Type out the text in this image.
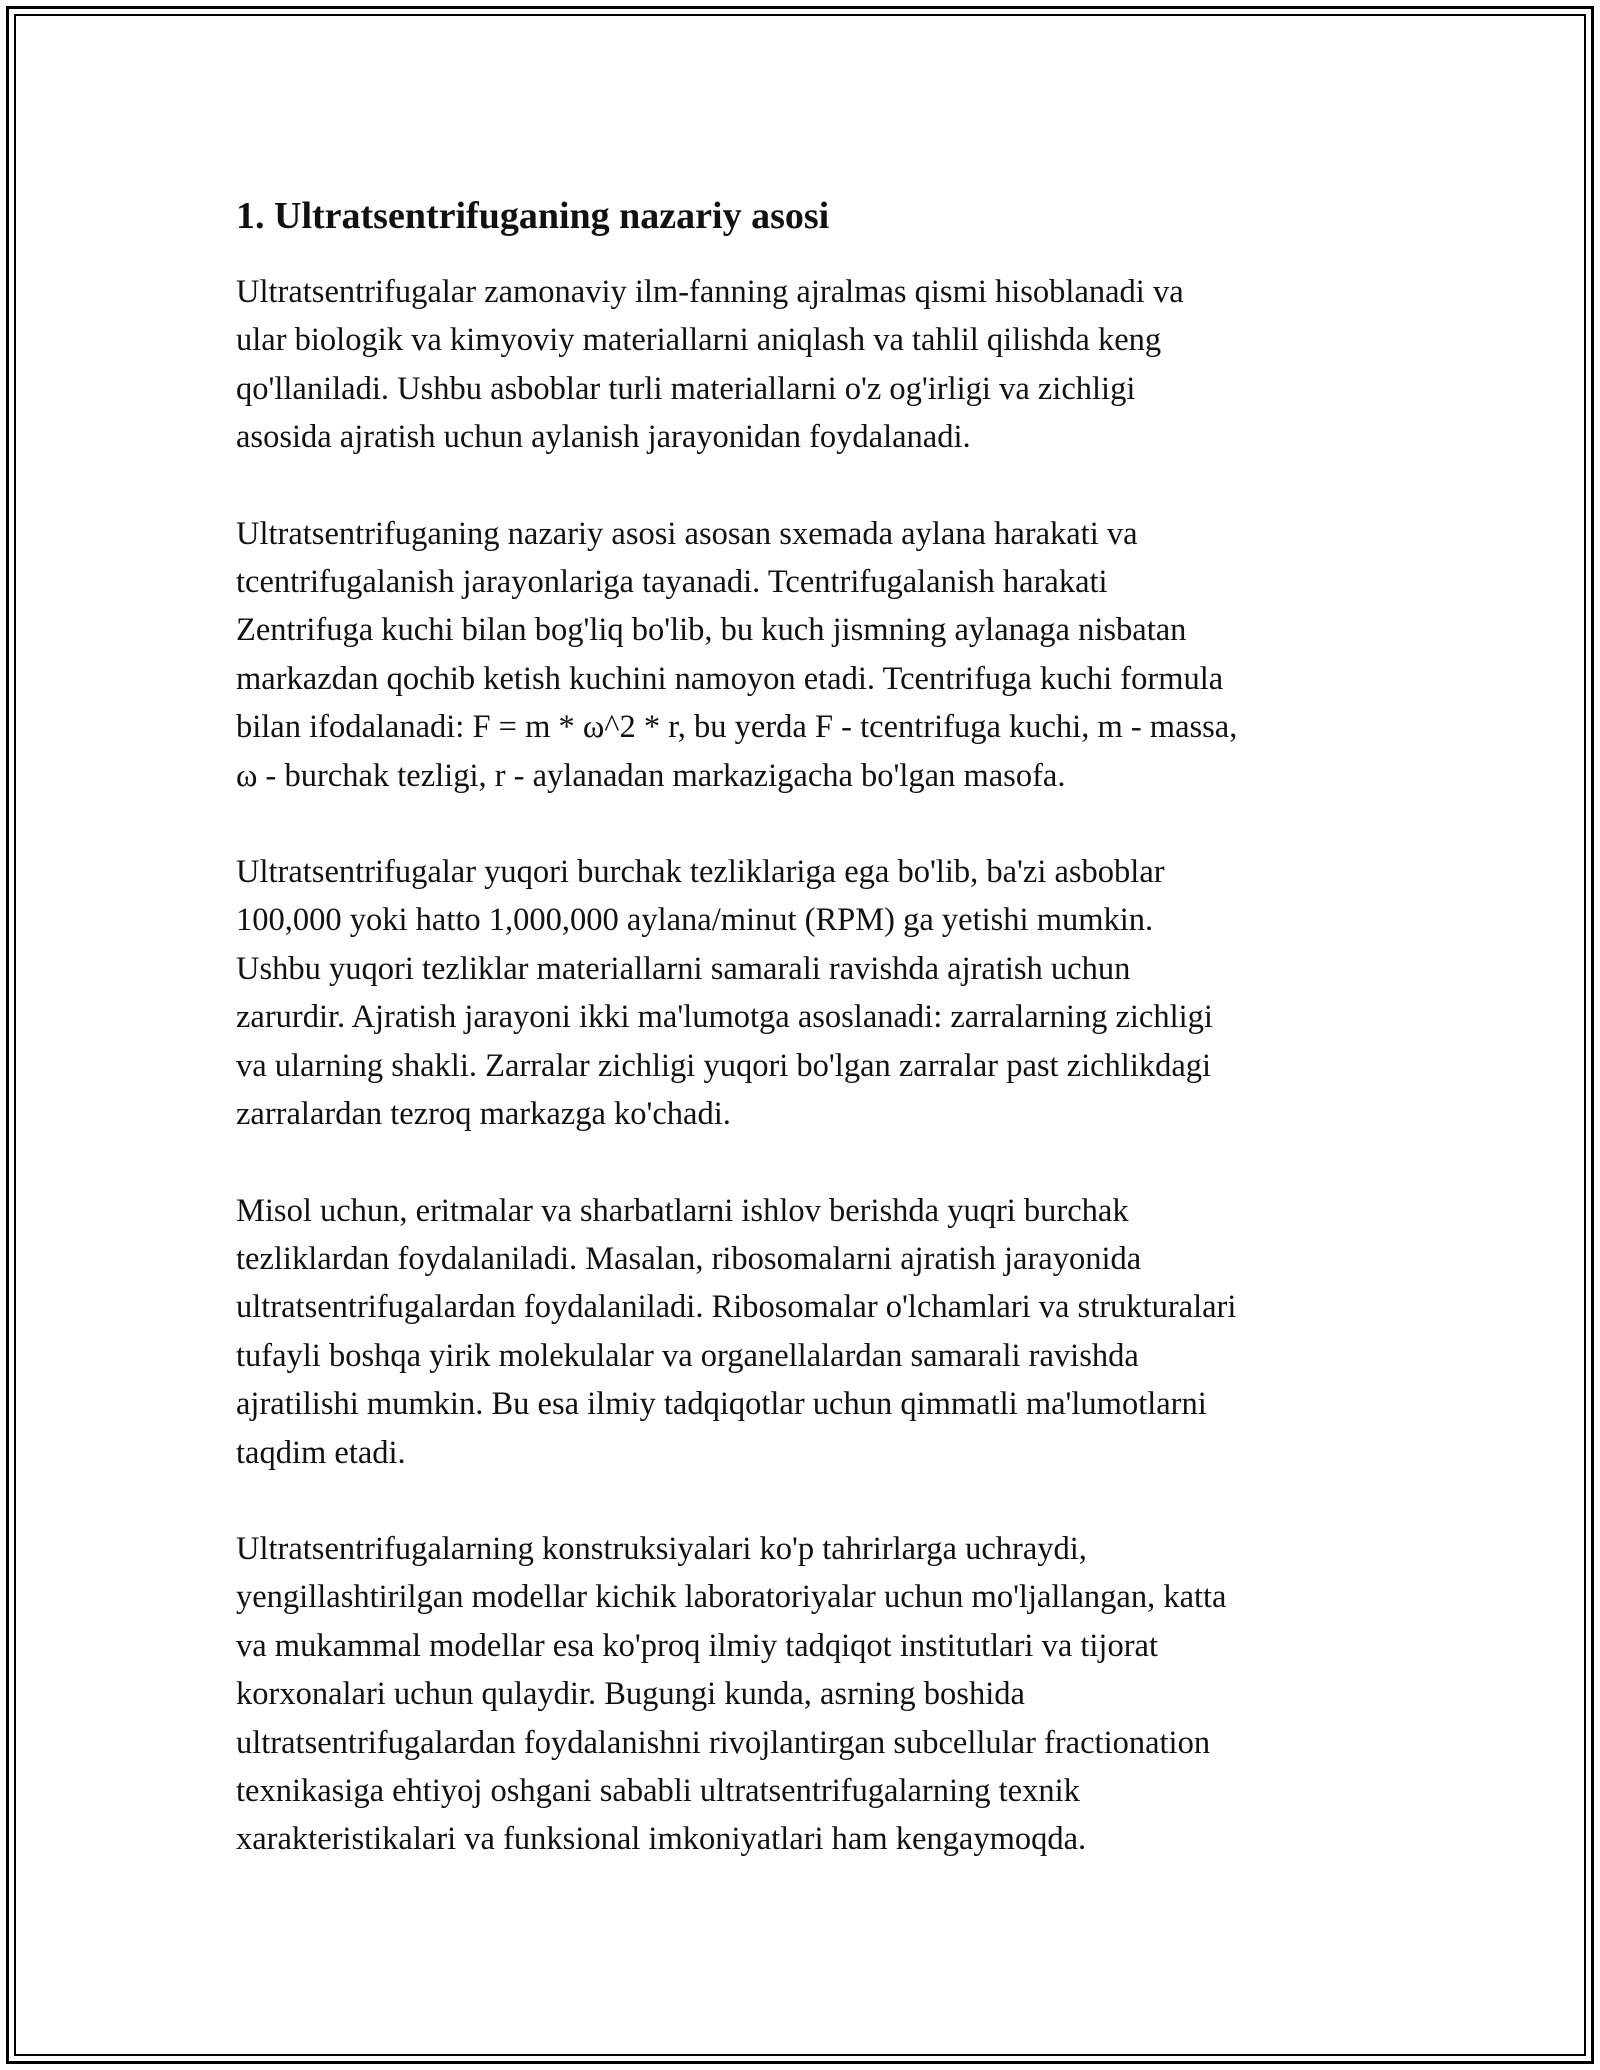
1. Ultratsentrifuganing nazariy asosi

Ultratsentrifugalar zamonaviy ilm-fanning ajralmas qismi hisoblanadi va
ular biologik va kimyoviy materiallarni aniqlash va tahlil qilishda keng
qo'llaniladi. Ushbu asboblar turli materiallarni o'z og'irligi va zichligi
asosida ajratish uchun aylanish jarayonidan foydalanadi.

Ultratsentrifuganing nazariy asosi asosan sxemada aylana harakati va
tcentrifugalanish jarayonlariga tayanadi. Tcentrifugalanish harakati
Zentrifuga kuchi bilan bog'liq bo'lib, bu kuch jismning aylanaga nisbatan
markazdan qochib ketish kuchini namoyon etadi. Tcentrifuga kuchi formula
bilan ifodalanadi: F = m * ω^2 * r, bu yerda F - tcentrifuga kuchi, m - massa,
ω - burchak tezligi, r - aylanadan markazigacha bo'lgan masofa.

Ultratsentrifugalar yuqori burchak tezliklariga ega bo'lib, ba'zi asboblar
100,000 yoki hatto 1,000,000 aylana/minut (RPM) ga yetishi mumkin.
Ushbu yuqori tezliklar materiallarni samarali ravishda ajratish uchun
zarurdir. Ajratish jarayoni ikki ma'lumotga asoslanadi: zarralarning zichligi
va ularning shakli. Zarralar zichligi yuqori bo'lgan zarralar past zichlikdagi
zarralardan tezroq markazga ko'chadi.

Misol uchun, eritmalar va sharbatlarni ishlov berishda yuqri burchak
tezliklardan foydalaniladi. Masalan, ribosomalarni ajratish jarayonida
ultratsentrifugalardan foydalaniladi. Ribosomalar o'lchamlari va strukturalari
tufayli boshqa yirik molekulalar va organellalardan samarali ravishda
ajratilishi mumkin. Bu esa ilmiy tadqiqotlar uchun qimmatli ma'lumotlarni
taqdim etadi.

Ultratsentrifugalarning konstruksiyalari ko'p tahrirlarga uchraydi,
yengillashtirilgan modellar kichik laboratoriyalar uchun mo'ljallangan, katta
va mukammal modellar esa ko'proq ilmiy tadqiqot institutlari va tijorat
korxonalari uchun qulaydir. Bugungi kunda, asrning boshida
ultratsentrifugalardan foydalanishni rivojlantirgan subcellular fractionation
texnikasiga ehtiyoj oshgani sababli ultratsentrifugalarning texnik
xarakteristikalari va funksional imkoniyatlari ham kengaymoqda.
